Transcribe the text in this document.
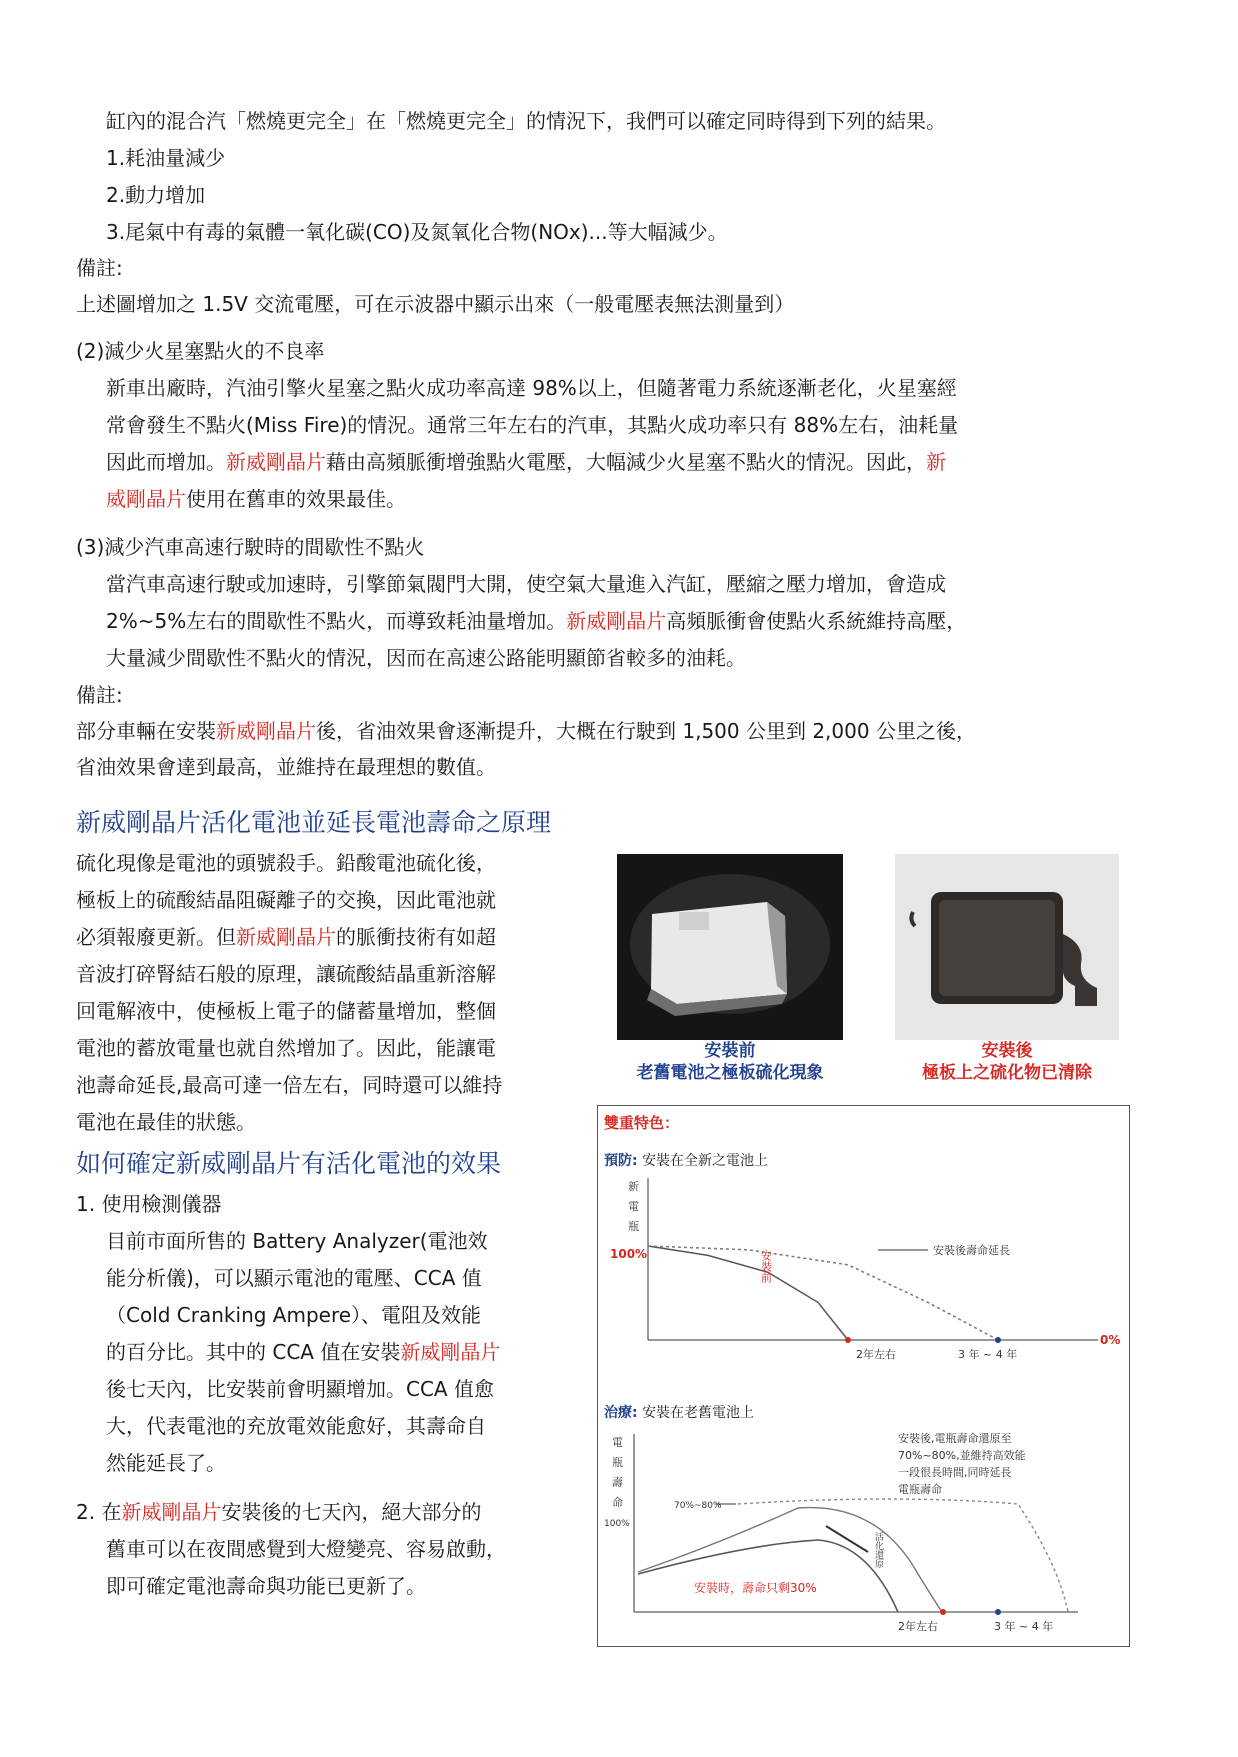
缸內的混合汽「燃燒更完全」在「燃燒更完全」的情況下，我們可以確定同時得到下列的結果。
1.耗油量減少
2.動力增加
3.尾氣中有毒的氣體一氧化碳(CO)及氮氧化合物(NOx)...等大幅減少。
備註:
上述圖增加之 1.5V 交流電壓，可在示波器中顯示出來（一般電壓表無法測量到）
(2)減少火星塞點火的不良率
新車出廠時，汽油引擎火星塞之點火成功率高達 98%以上，但隨著電力系統逐漸老化，火星塞經
常會發生不點火(Miss Fire)的情況。通常三年左右的汽車，其點火成功率只有 88%左右，油耗量
因此而增加。新威剛晶片藉由高頻脈衝增強點火電壓，大幅減少火星塞不點火的情況。因此，新
威剛晶片使用在舊車的效果最佳。
(3)減少汽車高速行駛時的間歇性不點火
當汽車高速行駛或加速時，引擎節氣閥門大開，使空氣大量進入汽缸，壓縮之壓力增加，會造成
2%~5%左右的間歇性不點火，而導致耗油量增加。新威剛晶片高頻脈衝會使點火系統維持高壓，
大量減少間歇性不點火的情況，因而在高速公路能明顯節省較多的油耗。
備註:
部分車輛在安裝新威剛晶片後，省油效果會逐漸提升，大概在行駛到 1,500 公里到 2,000 公里之後，
省油效果會達到最高，並維持在最理想的數值。
新威剛晶片活化電池並延長電池壽命之原理
硫化現像是電池的頭號殺手。鉛酸電池硫化後，
極板上的硫酸結晶阻礙離子的交換，因此電池就
必須報廢更新。但新威剛晶片的脈衝技術有如超
音波打碎腎結石般的原理，讓硫酸結晶重新溶解
回電解液中，使極板上電子的儲蓄量增加，整個
電池的蓄放電量也就自然增加了。因此，能讓電
池壽命延長,最高可達一倍左右，同時還可以維持
電池在最佳的狀態。
安裝前
老舊電池之極板硫化現象
安裝後
極板上之硫化物已清除
如何確定新威剛晶片有活化電池的效果
1. 使用檢測儀器
目前市面所售的 Battery Analyzer(電池效
能分析儀)，可以顯示電池的電壓、CCA 值
（Cold Cranking Ampere）、電阻及效能
的百分比。其中的 CCA 值在安裝新威剛晶片
後七天內，比安裝前會明顯增加。CCA 值愈
大，代表電池的充放電效能愈好，其壽命自
然能延長了。
2. 在新威剛晶片安裝後的七天內，絕大部分的
舊車可以在夜間感覺到大燈變亮、容易啟動，
即可確定電池壽命與功能已更新了。
雙重特色：
預防: 安裝在全新之電池上
新
電
瓶
100%
0%
2年左右	3 年 ~ 4 年
安裝後壽命延長
安裝前
治療: 安裝在老舊電池上
電
瓶
壽
命
100%
70%~80%
活化還原
安裝時，壽命只剩30%
安裝後,電瓶壽命還原至
70%~80%,並維持高效能
一段很長時間,同時延長
電瓶壽命
2年左右	3 年 ~ 4 年
